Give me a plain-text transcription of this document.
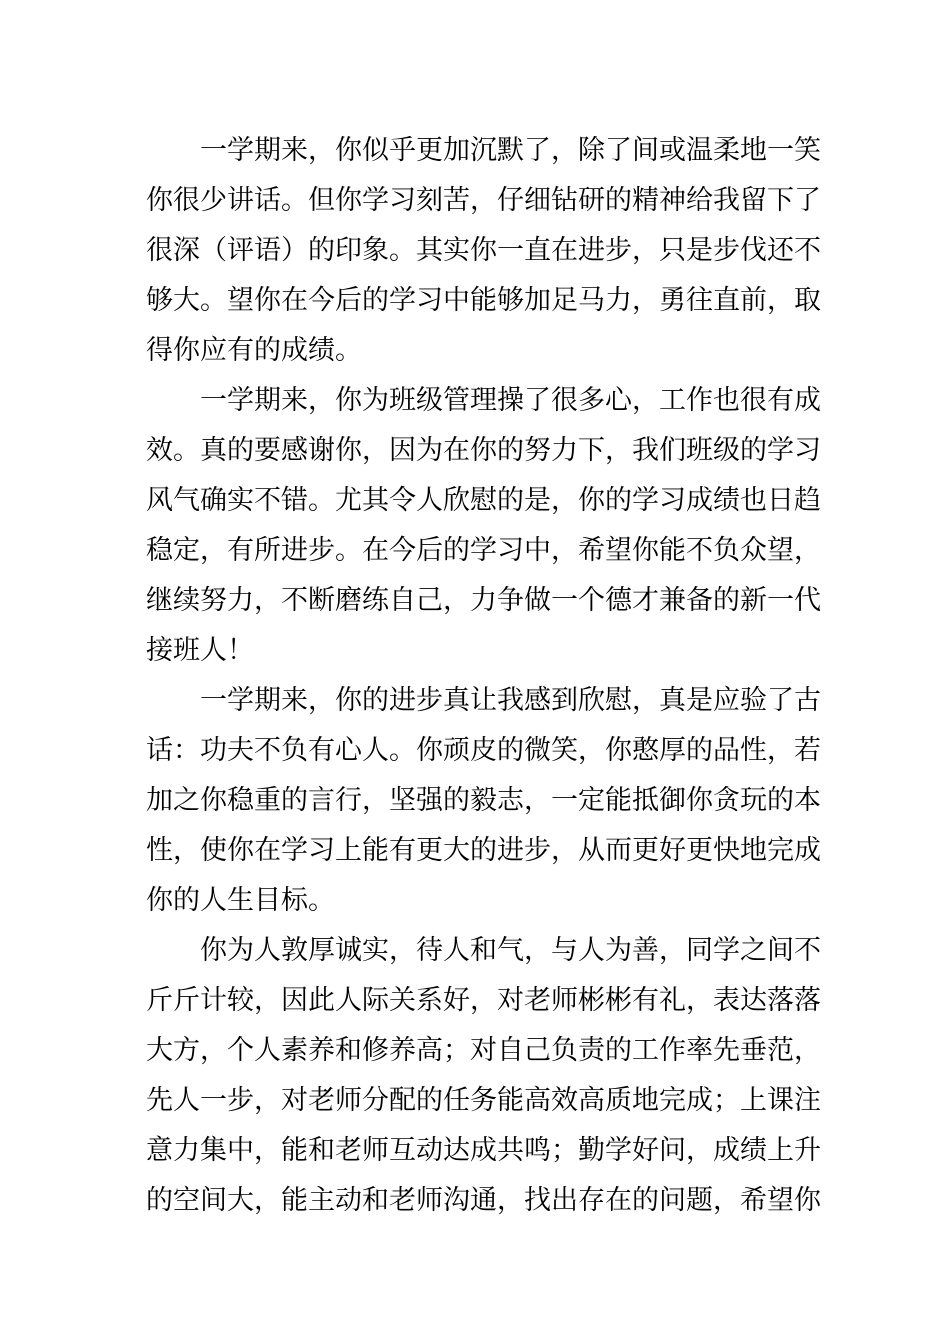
一学期来，你似乎更加沉默了，除了间或温柔地一笑
你很少讲话。但你学习刻苦，仔细钻研的精神给我留下了
很深（评语）的印象。其实你一直在进步，只是步伐还不
够大。望你在今后的学习中能够加足马力，勇往直前，取
得你应有的成绩。
一学期来，你为班级管理操了很多心，工作也很有成
效。真的要感谢你，因为在你的努力下，我们班级的学习
风气确实不错。尤其令人欣慰的是，你的学习成绩也日趋
稳定，有所进步。在今后的学习中，希望你能不负众望，
继续努力，不断磨练自己，力争做一个德才兼备的新一代
接班人！
一学期来，你的进步真让我感到欣慰，真是应验了古
话：功夫不负有心人。你顽皮的微笑，你憨厚的品性，若
加之你稳重的言行，坚强的毅志，一定能抵御你贪玩的本
性，使你在学习上能有更大的进步，从而更好更快地完成
你的人生目标。
你为人敦厚诚实，待人和气，与人为善，同学之间不
斤斤计较，因此人际关系好，对老师彬彬有礼，表达落落
大方，个人素养和修养高；对自己负责的工作率先垂范，
先人一步，对老师分配的任务能高效高质地完成；上课注
意力集中，能和老师互动达成共鸣；勤学好问，成绩上升
的空间大，能主动和老师沟通，找出存在的问题，希望你
